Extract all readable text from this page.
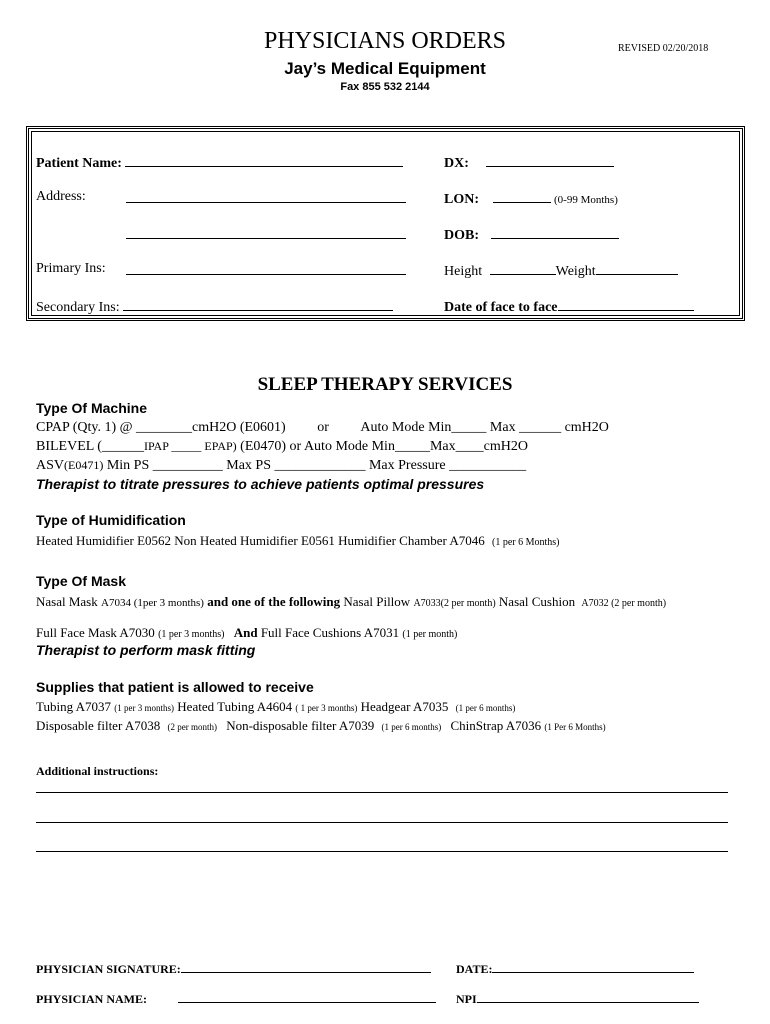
PHYSICIANS ORDERS	REVISED 02/20/2018
Jay’s Medical Equipment
Fax 855 532 2144
Patient Name:	DX:
Address:	LON:	(0-99 Months)
DOB:
Primary Ins:	Height	Weight
Secondary Ins:	Date of face to face
SLEEP THERAPY SERVICES
Type Of Machine
CPAP (Qty. 1) @ ________cmH2O (E0601) or Auto Mode Min_____ Max ______ cmH2O
BILEVEL (______IPAP _____ EPAP) (E0470) or Auto Mode Min_____Max____cmH2O
ASV(E0471) Min PS __________ Max PS _____________ Max Pressure ___________
Therapist to titrate pressures to achieve patients optimal pressures
Type of Humidification
Heated Humidifier E0562 Non Heated Humidifier E0561 Humidifier Chamber A7046 (1 per 6 Months)
Type Of Mask
Nasal Mask A7034 (1per 3 months) and one of the following Nasal Pillow A7033(2 per month) Nasal Cushion A7032 (2 per month)
Full Face Mask A7030 (1 per 3 months) And Full Face Cushions A7031 (1 per month)
Therapist to perform mask fitting
Supplies that patient is allowed to receive
Tubing A7037 (1 per 3 months) Heated Tubing A4604 ( 1 per 3 months) Headgear A7035 (1 per 6 months)
Disposable filter A7038 (2 per month) Non-disposable filter A7039 (1 per 6 months) ChinStrap A7036 (1 Per 6 Months)
Additional instructions:
PHYSICIAN SIGNATURE:	DATE:
PHYSICIAN NAME:	NPI
